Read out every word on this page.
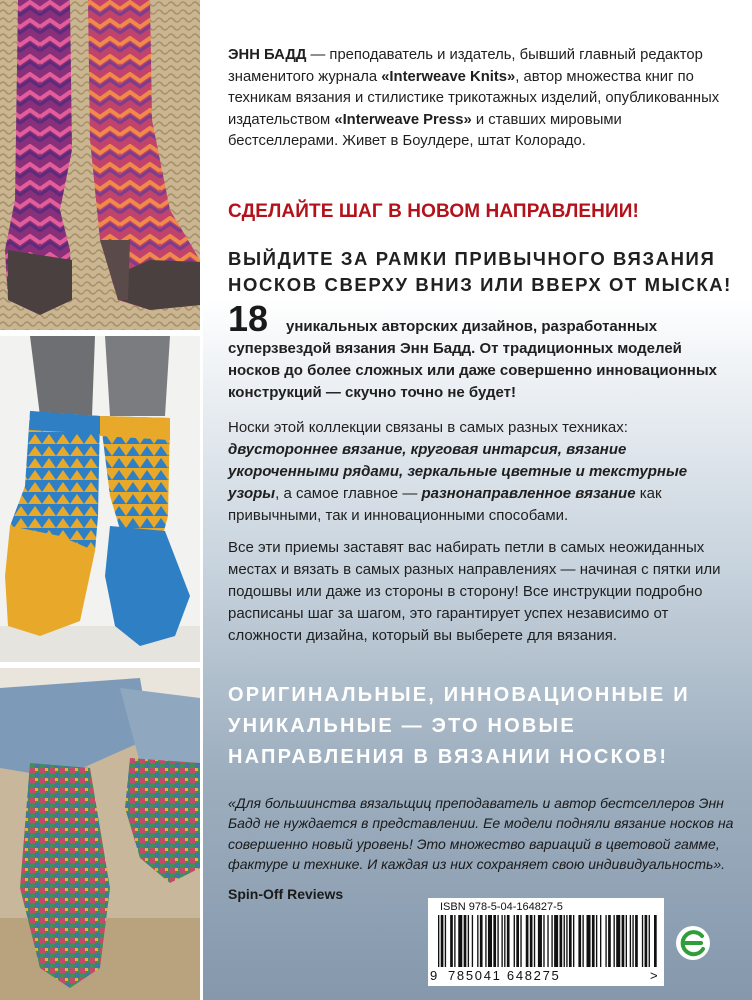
ЭНН БАДД — преподаватель и издатель, бывший главный редактор знаменитого журнала «Interweave Knits», автор множества книг по техникам вязания и стилистике трикотажных изделий, опубликованных издательством «Interweave Press» и ставших мировыми бестселлерами. Живет в Боулдере, штат Колорадо.
СДЕЛАЙТЕ ШАГ В НОВОМ НАПРАВЛЕНИИ!
ВЫЙДИТЕ ЗА РАМКИ ПРИВЫЧНОГО ВЯЗАНИЯ НОСКОВ СВЕРХУ ВНИЗ ИЛИ ВВЕРХ ОТ МЫСКА!
18	уникальных авторских дизайнов, разработанных суперзвездой вязания Энн Бадд. От традиционных моделей носков до более сложных или даже совершенно инновационных конструкций — скучно точно не будет!
Носки этой коллекции связаны в самых разных техниках: двустороннее вязание, круговая интарсия, вязание укороченными рядами, зеркальные цветные и текстурные узоры, а самое главное — разнонаправленное вязание как привычными, так и инновационными способами.
Все эти приемы заставят вас набирать петли в самых неожиданных местах и вязать в самых разных направлениях — начиная с пятки или подошвы или даже из стороны в сторону! Все инструкции подробно расписаны шаг за шагом, это гарантирует успех независимо от сложности дизайна, который вы выберете для вязания.
ОРИГИНАЛЬНЫЕ, ИННОВАЦИОННЫЕ И УНИКАЛЬНЫЕ — ЭТО НОВЫЕ НАПРАВЛЕНИЯ В ВЯЗАНИИ НОСКОВ!
«Для большинства вязальщиц преподаватель и автор бестселлеров Энн Бадд не нуждается в представлении. Ее модели подняли вязание носков на совершенно новый уровень! Это множество вариаций в цветовой гамме, фактуре и технике. И каждая из них сохраняет свою индивидуальность».
Spin-Off Reviews
ISBN 978-5-04-164827-5
9 785041 648275	>
